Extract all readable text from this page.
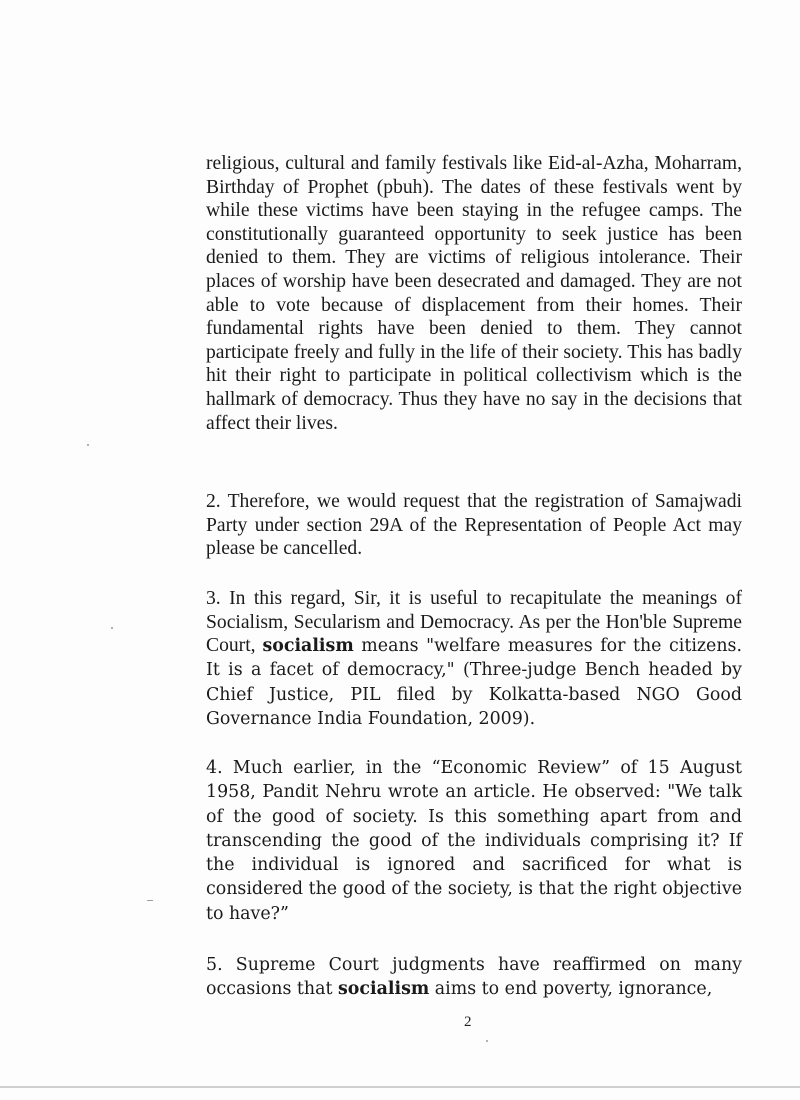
religious, cultural and family festivals like Eid-al-Azha, Moharram, Birthday of Prophet (pbuh). The dates of these festivals went by while these victims have been staying in the refugee camps. The constitutionally guaranteed opportunity to seek justice has been denied to them. They are victims of religious intolerance. Their places of worship have been desecrated and damaged. They are not able to vote because of displacement from their homes. Their fundamental rights have been denied to them. They cannot participate freely and fully in the life of their society. This has badly hit their right to participate in political collectivism which is the hallmark of democracy. Thus they have no say in the decisions that affect their lives.

2. Therefore, we would request that the registration of Samajwadi Party under section 29A of the Representation of People Act may please be cancelled.

3. In this regard, Sir, it is useful to recapitulate the meanings of Socialism, Secularism and Democracy. As per the Hon'ble Supreme Court, socialism means "welfare measures for the citizens. It is a facet of democracy," (Three-judge Bench headed by Chief Justice, PIL filed by Kolkatta-based NGO Good Governance India Foundation, 2009).

4. Much earlier, in the “Economic Review” of 15 August 1958, Pandit Nehru wrote an article. He observed: "We talk of the good of society. Is this something apart from and transcending the good of the individuals comprising it? If the individual is ignored and sacrificed for what is considered the good of the society, is that the right objective to have?”

5. Supreme Court judgments have reaffirmed on many occasions that socialism aims to end poverty, ignorance,

2
